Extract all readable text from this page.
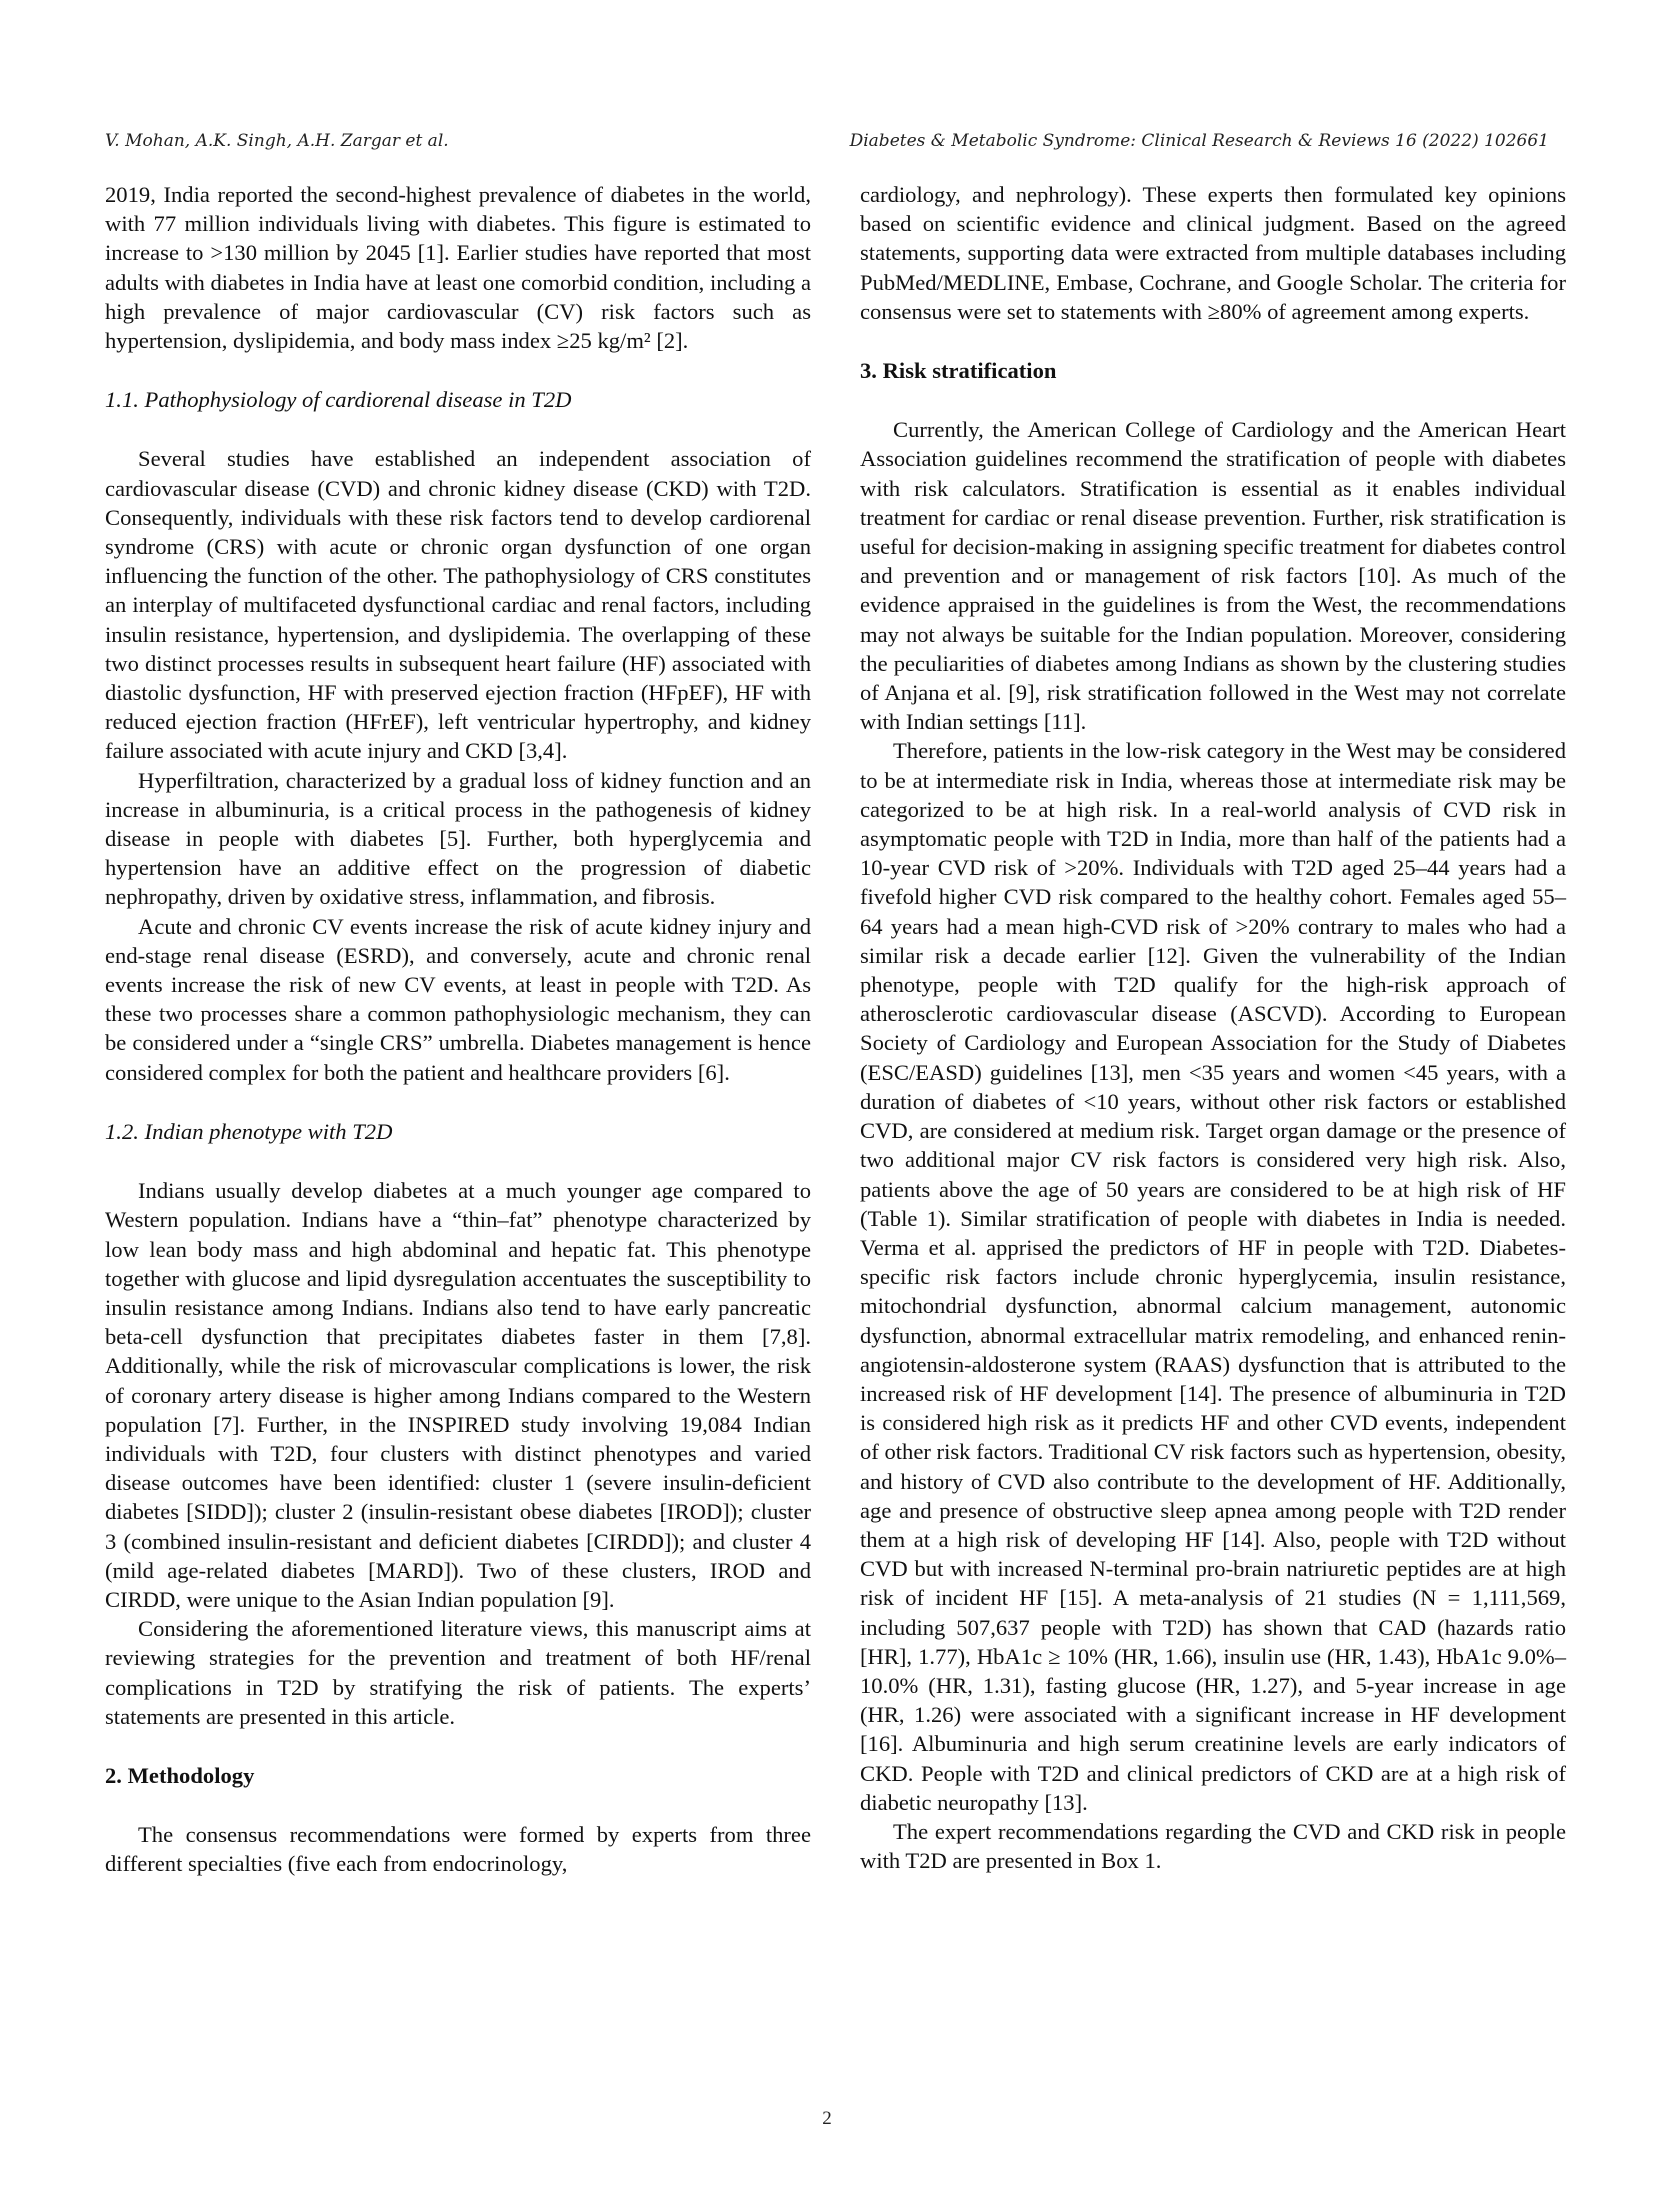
V. Mohan, A.K. Singh, A.H. Zargar et al.	Diabetes & Metabolic Syndrome: Clinical Research & Reviews 16 (2022) 102661

2019, India reported the second-highest prevalence of diabetes in the world, with 77 million individuals living with diabetes. This figure is estimated to increase to >130 million by 2045 [1]. Earlier studies have reported that most adults with diabetes in India have at least one comorbid condition, including a high prevalence of major cardiovascular (CV) risk factors such as hypertension, dyslipidemia, and body mass index ≥25 kg/m² [2].

1.1. Pathophysiology of cardiorenal disease in T2D

Several studies have established an independent association of cardiovascular disease (CVD) and chronic kidney disease (CKD) with T2D. Consequently, individuals with these risk factors tend to develop cardiorenal syndrome (CRS) with acute or chronic organ dysfunction of one organ influencing the function of the other. The pathophysiology of CRS constitutes an interplay of multifaceted dysfunctional cardiac and renal factors, including insulin resistance, hypertension, and dyslipidemia. The overlapping of these two distinct processes results in subsequent heart failure (HF) associated with diastolic dysfunction, HF with preserved ejection fraction (HFpEF), HF with reduced ejection fraction (HFrEF), left ventricular hypertrophy, and kidney failure associated with acute injury and CKD [3,4].

Hyperfiltration, characterized by a gradual loss of kidney function and an increase in albuminuria, is a critical process in the pathogenesis of kidney disease in people with diabetes [5]. Further, both hyperglycemia and hypertension have an additive effect on the progression of diabetic nephropathy, driven by oxidative stress, inflammation, and fibrosis.

Acute and chronic CV events increase the risk of acute kidney injury and end-stage renal disease (ESRD), and conversely, acute and chronic renal events increase the risk of new CV events, at least in people with T2D. As these two processes share a common pathophysiologic mechanism, they can be considered under a “single CRS” umbrella. Diabetes management is hence considered complex for both the patient and healthcare providers [6].

1.2. Indian phenotype with T2D

Indians usually develop diabetes at a much younger age compared to Western population. Indians have a “thin–fat” phenotype characterized by low lean body mass and high abdominal and hepatic fat. This phenotype together with glucose and lipid dysregulation accentuates the susceptibility to insulin resistance among Indians. Indians also tend to have early pancreatic beta-cell dysfunction that precipitates diabetes faster in them [7,8]. Additionally, while the risk of microvascular complications is lower, the risk of coronary artery disease is higher among Indians compared to the Western population [7]. Further, in the INSPIRED study involving 19,084 Indian individuals with T2D, four clusters with distinct phenotypes and varied disease outcomes have been identified: cluster 1 (severe insulin-deficient diabetes [SIDD]); cluster 2 (insulin-resistant obese diabetes [IROD]); cluster 3 (combined insulin-resistant and deficient diabetes [CIRDD]); and cluster 4 (mild age-related diabetes [MARD]). Two of these clusters, IROD and CIRDD, were unique to the Asian Indian population [9].

Considering the aforementioned literature views, this manuscript aims at reviewing strategies for the prevention and treatment of both HF/renal complications in T2D by stratifying the risk of patients. The experts’ statements are presented in this article.

2. Methodology

The consensus recommendations were formed by experts from three different specialties (five each from endocrinology,

cardiology, and nephrology). These experts then formulated key opinions based on scientific evidence and clinical judgment. Based on the agreed statements, supporting data were extracted from multiple databases including PubMed/MEDLINE, Embase, Cochrane, and Google Scholar. The criteria for consensus were set to statements with ≥80% of agreement among experts.

3. Risk stratification

Currently, the American College of Cardiology and the American Heart Association guidelines recommend the stratification of people with diabetes with risk calculators. Stratification is essential as it enables individual treatment for cardiac or renal disease prevention. Further, risk stratification is useful for decision-making in assigning specific treatment for diabetes control and prevention and or management of risk factors [10]. As much of the evidence appraised in the guidelines is from the West, the recommendations may not always be suitable for the Indian population. Moreover, considering the peculiarities of diabetes among Indians as shown by the clustering studies of Anjana et al. [9], risk stratification followed in the West may not correlate with Indian settings [11].

Therefore, patients in the low-risk category in the West may be considered to be at intermediate risk in India, whereas those at intermediate risk may be categorized to be at high risk. In a real-world analysis of CVD risk in asymptomatic people with T2D in India, more than half of the patients had a 10-year CVD risk of >20%. Individuals with T2D aged 25–44 years had a fivefold higher CVD risk compared to the healthy cohort. Females aged 55–64 years had a mean high-CVD risk of >20% contrary to males who had a similar risk a decade earlier [12]. Given the vulnerability of the Indian phenotype, people with T2D qualify for the high-risk approach of atherosclerotic cardiovascular disease (ASCVD). According to European Society of Cardiology and European Association for the Study of Diabetes (ESC/EASD) guidelines [13], men <35 years and women <45 years, with a duration of diabetes of <10 years, without other risk factors or established CVD, are considered at medium risk. Target organ damage or the presence of two additional major CV risk factors is considered very high risk. Also, patients above the age of 50 years are considered to be at high risk of HF (Table 1). Similar stratification of people with diabetes in India is needed. Verma et al. apprised the predictors of HF in people with T2D. Diabetes-specific risk factors include chronic hyperglycemia, insulin resistance, mitochondrial dysfunction, abnormal calcium management, autonomic dysfunction, abnormal extracellular matrix remodeling, and enhanced renin-angiotensin-aldosterone system (RAAS) dysfunction that is attributed to the increased risk of HF development [14]. The presence of albuminuria in T2D is considered high risk as it predicts HF and other CVD events, independent of other risk factors. Traditional CV risk factors such as hypertension, obesity, and history of CVD also contribute to the development of HF. Additionally, age and presence of obstructive sleep apnea among people with T2D render them at a high risk of developing HF [14]. Also, people with T2D without CVD but with increased N-terminal pro-brain natriuretic peptides are at high risk of incident HF [15]. A meta-analysis of 21 studies (N = 1,111,569, including 507,637 people with T2D) has shown that CAD (hazards ratio [HR], 1.77), HbA1c ≥ 10% (HR, 1.66), insulin use (HR, 1.43), HbA1c 9.0%–10.0% (HR, 1.31), fasting glucose (HR, 1.27), and 5-year increase in age (HR, 1.26) were associated with a significant increase in HF development [16]. Albuminuria and high serum creatinine levels are early indicators of CKD. People with T2D and clinical predictors of CKD are at a high risk of diabetic neuropathy [13].

The expert recommendations regarding the CVD and CKD risk in people with T2D are presented in Box 1.

2
